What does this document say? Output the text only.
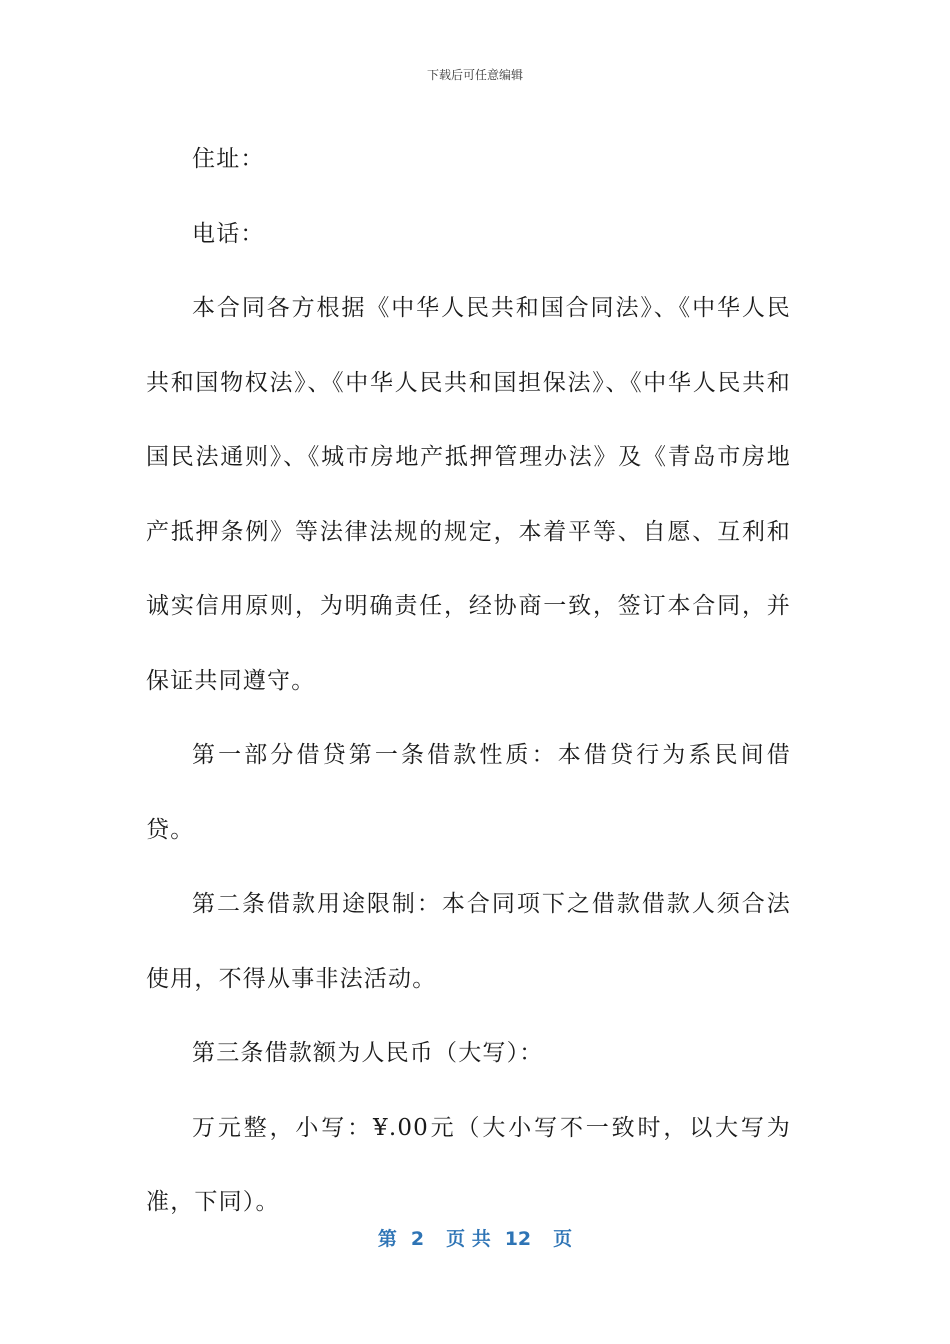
下载后可任意编辑

住址：

电话：

本合同各方根据《中华人民共和国合同法》、《中华人民共和国物权法》、《中华人民共和国担保法》、《中华人民共和国民法通则》、《城市房地产抵押管理办法》及《青岛市房地产抵押条例》等法律法规的规定，本着平等、自愿、互利和诚实信用原则，为明确责任，经协商一致，签订本合同，并保证共同遵守。

第一部分借贷第一条借款性质：本借贷行为系民间借贷。

第二条借款用途限制：本合同项下之借款借款人须合法使用，不得从事非法活动。

第三条借款额为人民币（大写）：

万元整，小写：¥.00元（大小写不一致时，以大写为准，下同）。

第 2 页 共 12 页
